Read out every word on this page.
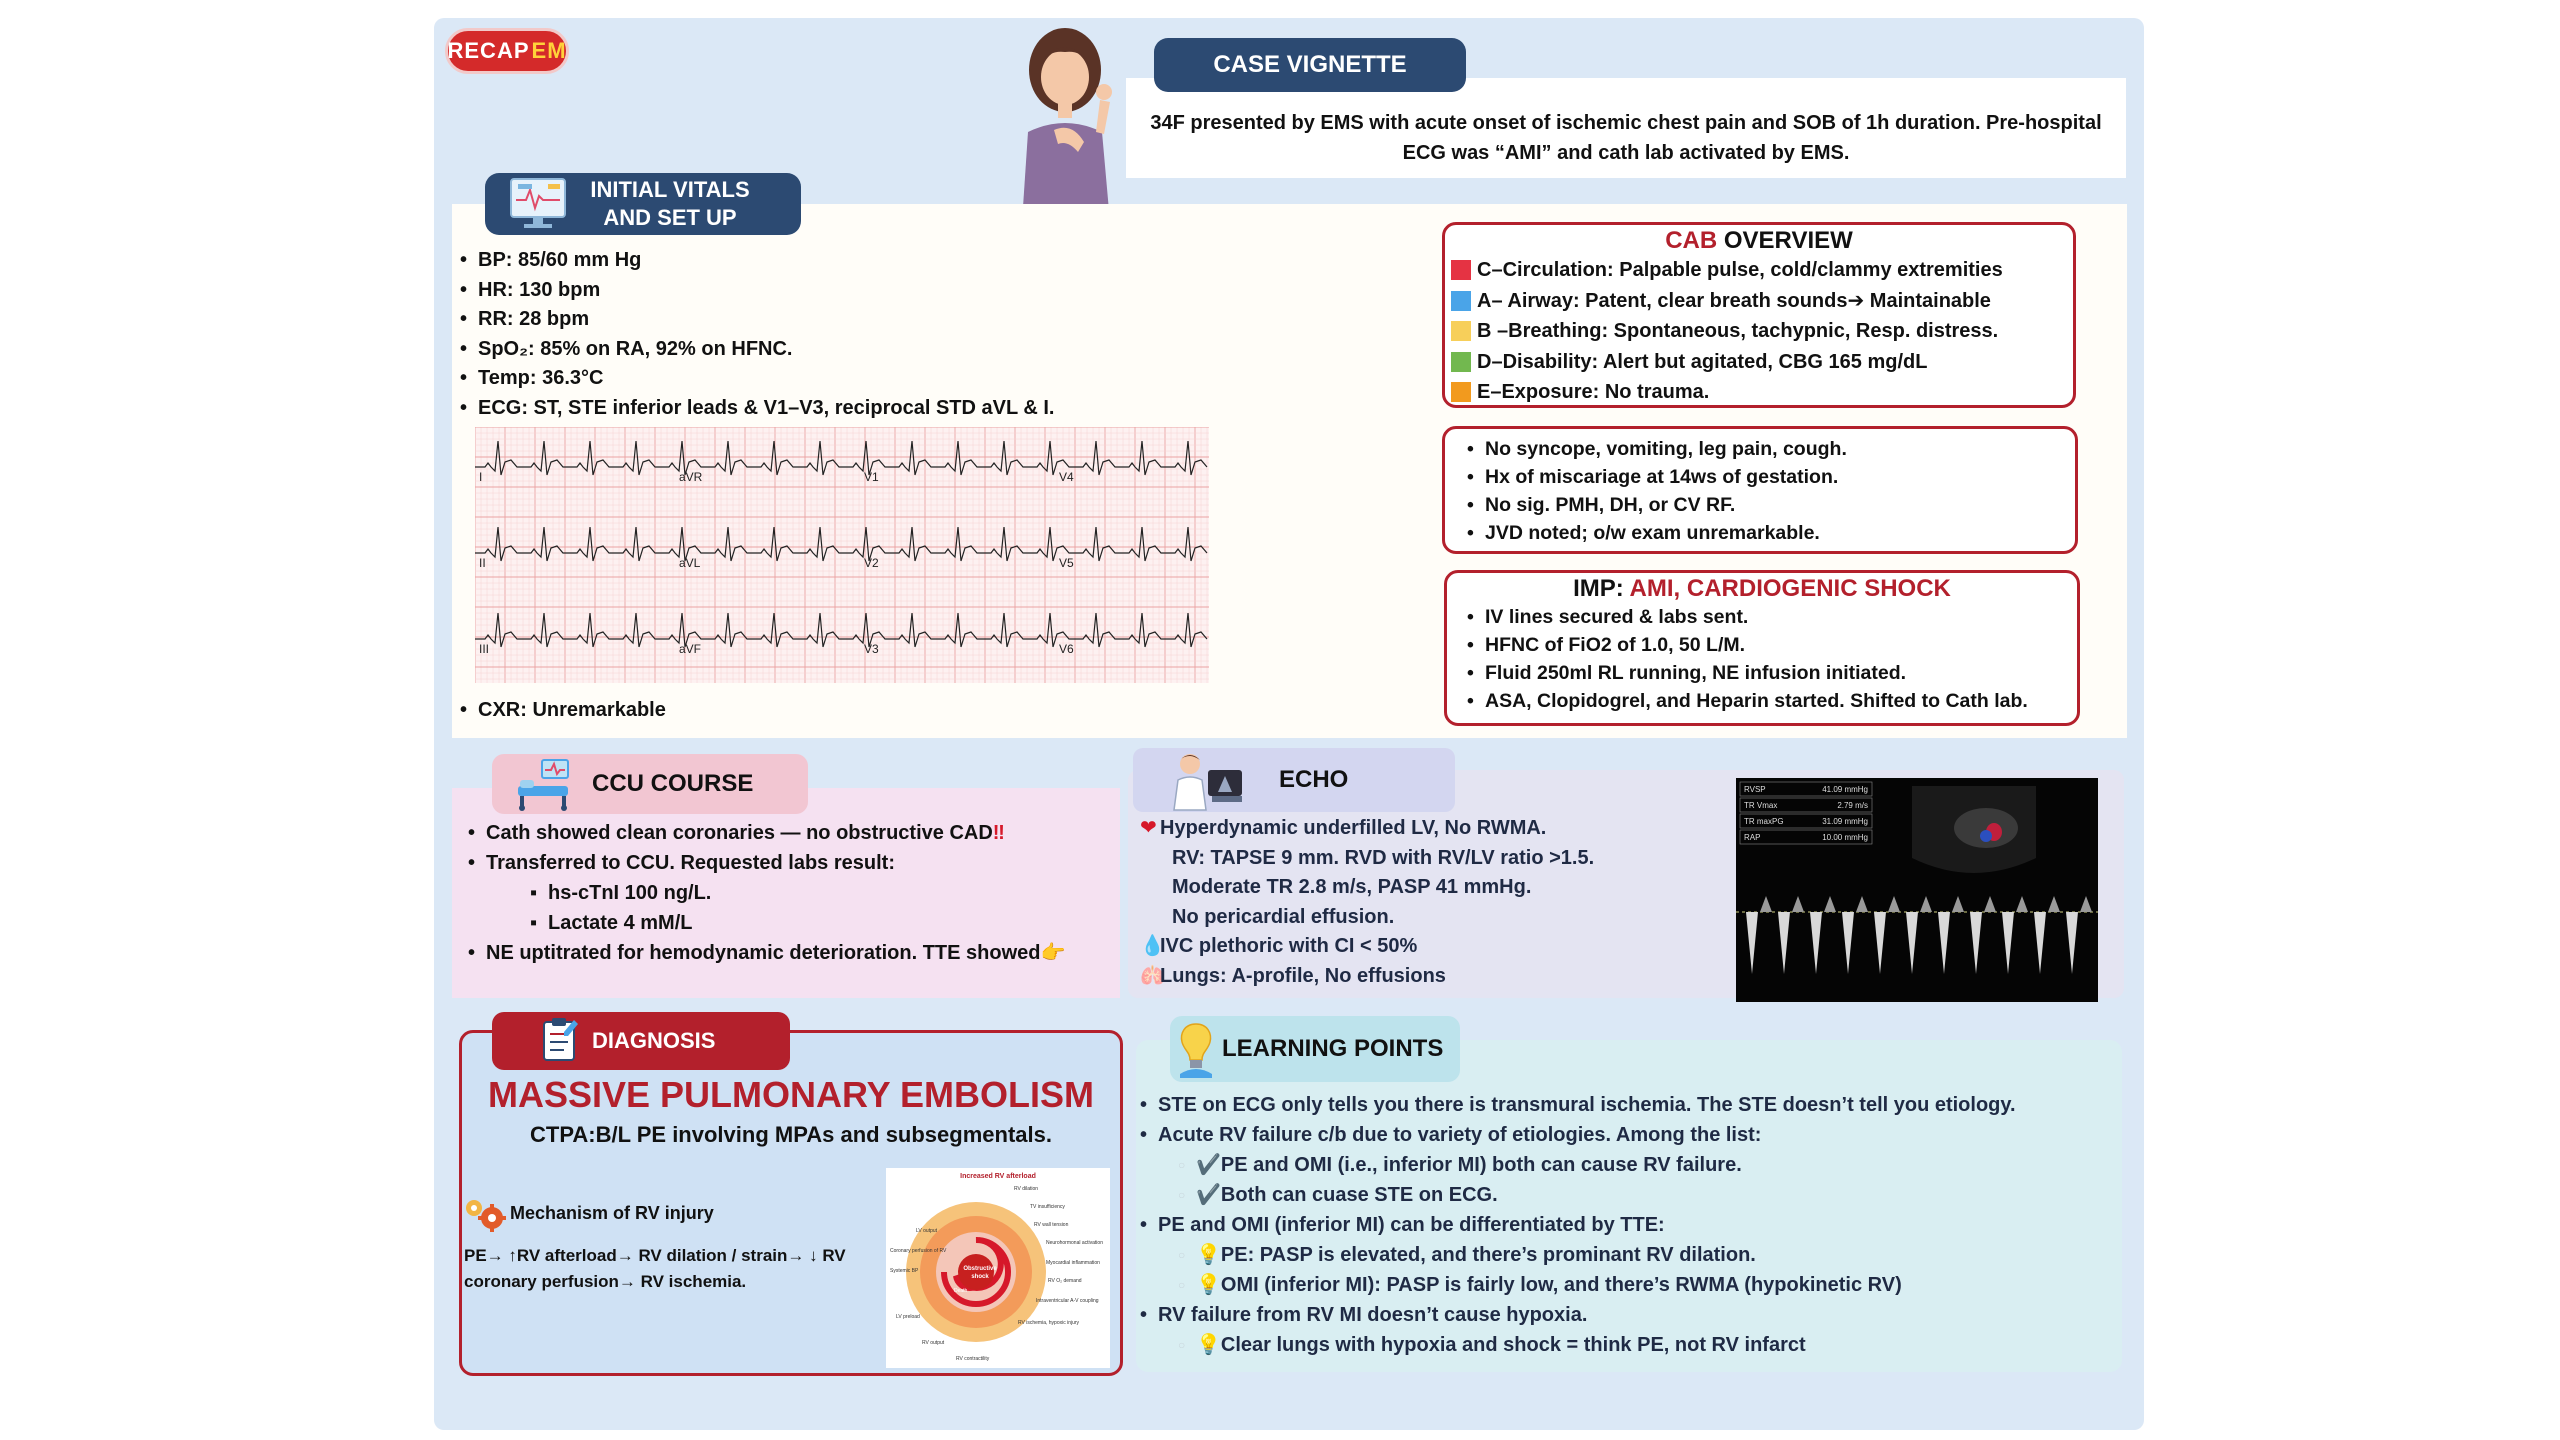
RECAP EM
34F presented by EMS with acute onset of ischemic chest pain and SOB of 1h duration. Pre-hospital ECG was “AMI” and cath lab activated by EMS.
CASE VIGNETTE
INITIAL VITALS AND SET UP
• BP: 85/60 mm Hg
• HR: 130 bpm
• RR: 28 bpm
• SpO₂: 85% on RA, 92% on HFNC.
• Temp: 36.3°C
• ECG: ST, STE inferior leads & V1–V3, reciprocal STD aVL & I.
I	aVR	V1	V4
II	aVL	V2	V5
III	aVF	V3	V6
• CXR: Unremarkable
CAB OVERVIEW
C–Circulation: Palpable pulse, cold/clammy extremities
A– Airway: Patent, clear breath sounds➔ Maintainable
B –Breathing: Spontaneous, tachypnic, Resp. distress.
D–Disability: Alert but agitated, CBG 165 mg/dL
E–Exposure: No trauma.
• No syncope, vomiting, leg pain, cough.
• Hx of miscariage at 14ws of gestation.
• No sig. PMH, DH, or CV RF.
• JVD noted; o/w exam unremarkable.
IMP: AMI, CARDIOGENIC SHOCK
• IV lines secured & labs sent.
• HFNC of FiO2 of 1.0, 50 L/M.
• Fluid 250ml RL running, NE infusion initiated.
• ASA, Clopidogrel, and Heparin started. Shifted to Cath lab.
CCU COURSE
• Cath showed clean coronaries — no obstructive CAD‼
• Transferred to CCU. Requested labs result:
▪ hs-cTnI 100 ng/L.
▪ Lactate 4 mM/L
• NE uptitrated for hemodynamic deterioration. TTE showed👉
ECHO
❤ Hyperdynamic underfilled LV, No RWMA.
RV: TAPSE 9 mm. RVD with RV/LV ratio >1.5.
Moderate TR 2.8 m/s, PASP 41 mmHg.
No pericardial effusion.
💧IVC plethoric with CI < 50%
🫁Lungs: A-profile, No effusions
RVSP	41.09 mmHg
TR Vmax	2.79 m/s
TR maxPG	31.09 mmHg
RAP	10.00 mmHg
DIAGNOSIS
MASSIVE PULMONARY EMBOLISM
CTPA:B/L PE involving MPAs and subsegmentals.
Mechanism of RV injury
PE→ ↑RV afterload→ RV dilation / strain→ ↓ RV coronary perfusion→ RV ischemia.
Increased RV afterload
Obstructive
shock
Death
RV dilation
TV insufficiency
RV wall tension
Neurohormonal activation
Myocardial inflammation
RV O₂ demand
Intraventricular A-V coupling
RV ischemia, hypoxic injury
RV contractility
RV output
LV preload
Coronary perfusion of RV
Systemic BP
LV output
LEARNING POINTS
• STE on ECG only tells you there is transmural ischemia. The STE doesn’t tell you etiology.
• Acute RV failure c/b due to variety of etiologies. Among the list:
○ ✔️PE and OMI (i.e., inferior MI) both can cause RV failure.
○ ✔️Both can cuase STE on ECG.
• PE and OMI (inferior MI) can be differentiated by TTE:
○ 💡PE: PASP is elevated, and there’s prominant RV dilation.
○ 💡OMI (inferior MI): PASP is fairly low, and there’s RWMA (hypokinetic RV)
• RV failure from RV MI doesn’t cause hypoxia.
○ 💡Clear lungs with hypoxia and shock = think PE, not RV infarct
